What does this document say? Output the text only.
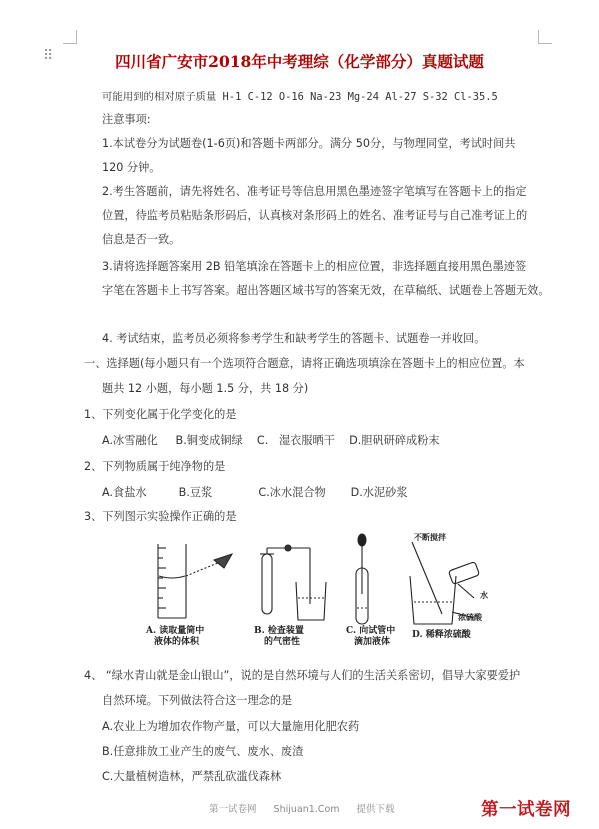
⠿	四川省广安市2018年中考理综（化学部分）真题试题
可能用到的相对原子质量 H-1 C-12 O-16 Na-23 Mg-24 Al-27 S-32 Cl-35.5
注意事项:
1.本试卷分为试题卷(1-6页)和答题卡两部分。满分 50分，与物理同堂，考试时间共
120 分钟。
2.考生答题前，请先将姓名、准考证号等信息用黑色墨迹签字笔填写在答题卡上的指定
位置，待监考员粘贴条形码后，认真核对条形码上的姓名、准考证号与自己准考证上的
信息是否一致。
3.请将选择题答案用 2B 铅笔填涂在答题卡上的相应位置，非选择题直接用黑色墨迹签
字笔在答题卡上书写答案。超出答题区域书写的答案无效，在草稿纸、试题卷上答题无效。
4. 考试结束，监考员必须将参考学生和缺考学生的答题卡、试题卷一并收回。
一、选择题(每小题只有一个选项符合题意，请将正确选项填涂在答题卡上的相应位置。本
题共 12 小题，每小题 1.5 分，共 18 分)
1、下列变化属于化学变化的是
A.冰雪融化     B.铜变成铜绿    C.   湿衣服晒干    D.胆矾研碎成粉末
2、下列物质属于纯净物的是
A.食盐水         B.豆浆             C.冰水混合物       D.水泥砂浆
3、下列图示实验操作正确的是
A. 读取量筒中
液体的体积
B. 检查装置
的气密性
C. 向试管中
滴加液体
D. 稀释浓硫酸
不断搅拌
水
浓硫酸
4、 “绿水青山就是金山银山”，说的是自然环境与人们的生活关系密切，倡导大家要爱护
自然环境。下列做法符合这一理念的是
A.农业上为增加农作物产量，可以大量施用化肥农药
B.任意排放工业产生的废气、废水、废渣
C.大量植树造林，严禁乱砍滥伐森林
第一试卷网 Shijuan1.Com 提供下载	第一试卷网
